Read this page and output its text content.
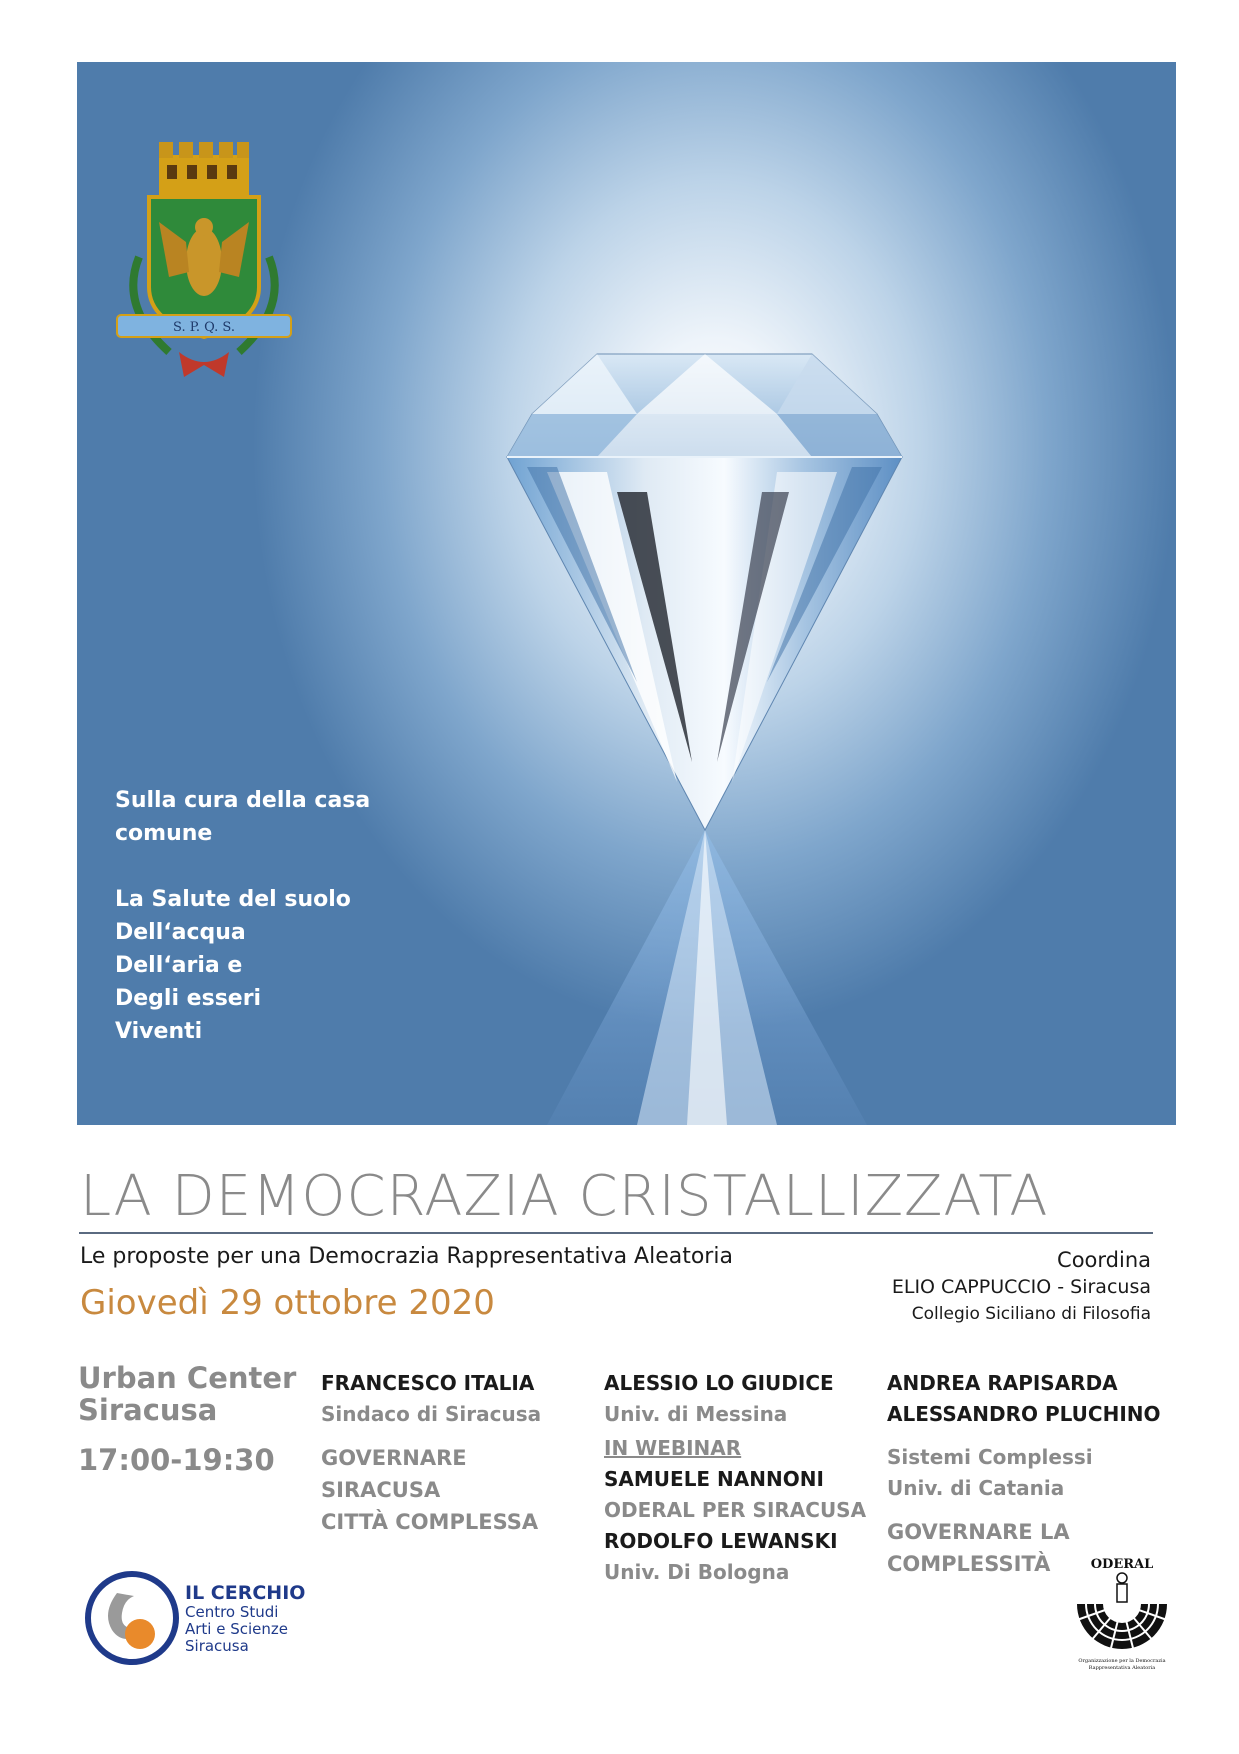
S. P. Q. S.
Sulla cura della casa
comune
La Salute del suolo
Dell‘acqua
Dell‘aria e
Degli esseri
Viventi
LA DEMOCRAZIA CRISTALLIZZATA
Le proposte per una Democrazia Rappresentativa Aleatoria
Giovedì 29 ottobre 2020
Coordina
ELIO CAPPUCCIO - Siracusa
Collegio Siciliano di Filosofia
Urban Center
Siracusa
17:00-19:30
FRANCESCO ITALIA
Sindaco di Siracusa
GOVERNARE
SIRACUSA
CITTÀ COMPLESSA
ALESSIO LO GIUDICE
Univ. di Messina
IN WEBINAR
SAMUELE NANNONI
ODERAL PER SIRACUSA
RODOLFO LEWANSKI
Univ. Di Bologna
ANDREA RAPISARDA
ALESSANDRO PLUCHINO
Sistemi Complessi
Univ. di Catania
GOVERNARE LA
COMPLESSITÀ
IL CERCHIO
Centro Studi
Arti e Scienze
Siracusa
ODERAL
Organizzazione per la Democrazia
Rappresentativa Aleatoria
